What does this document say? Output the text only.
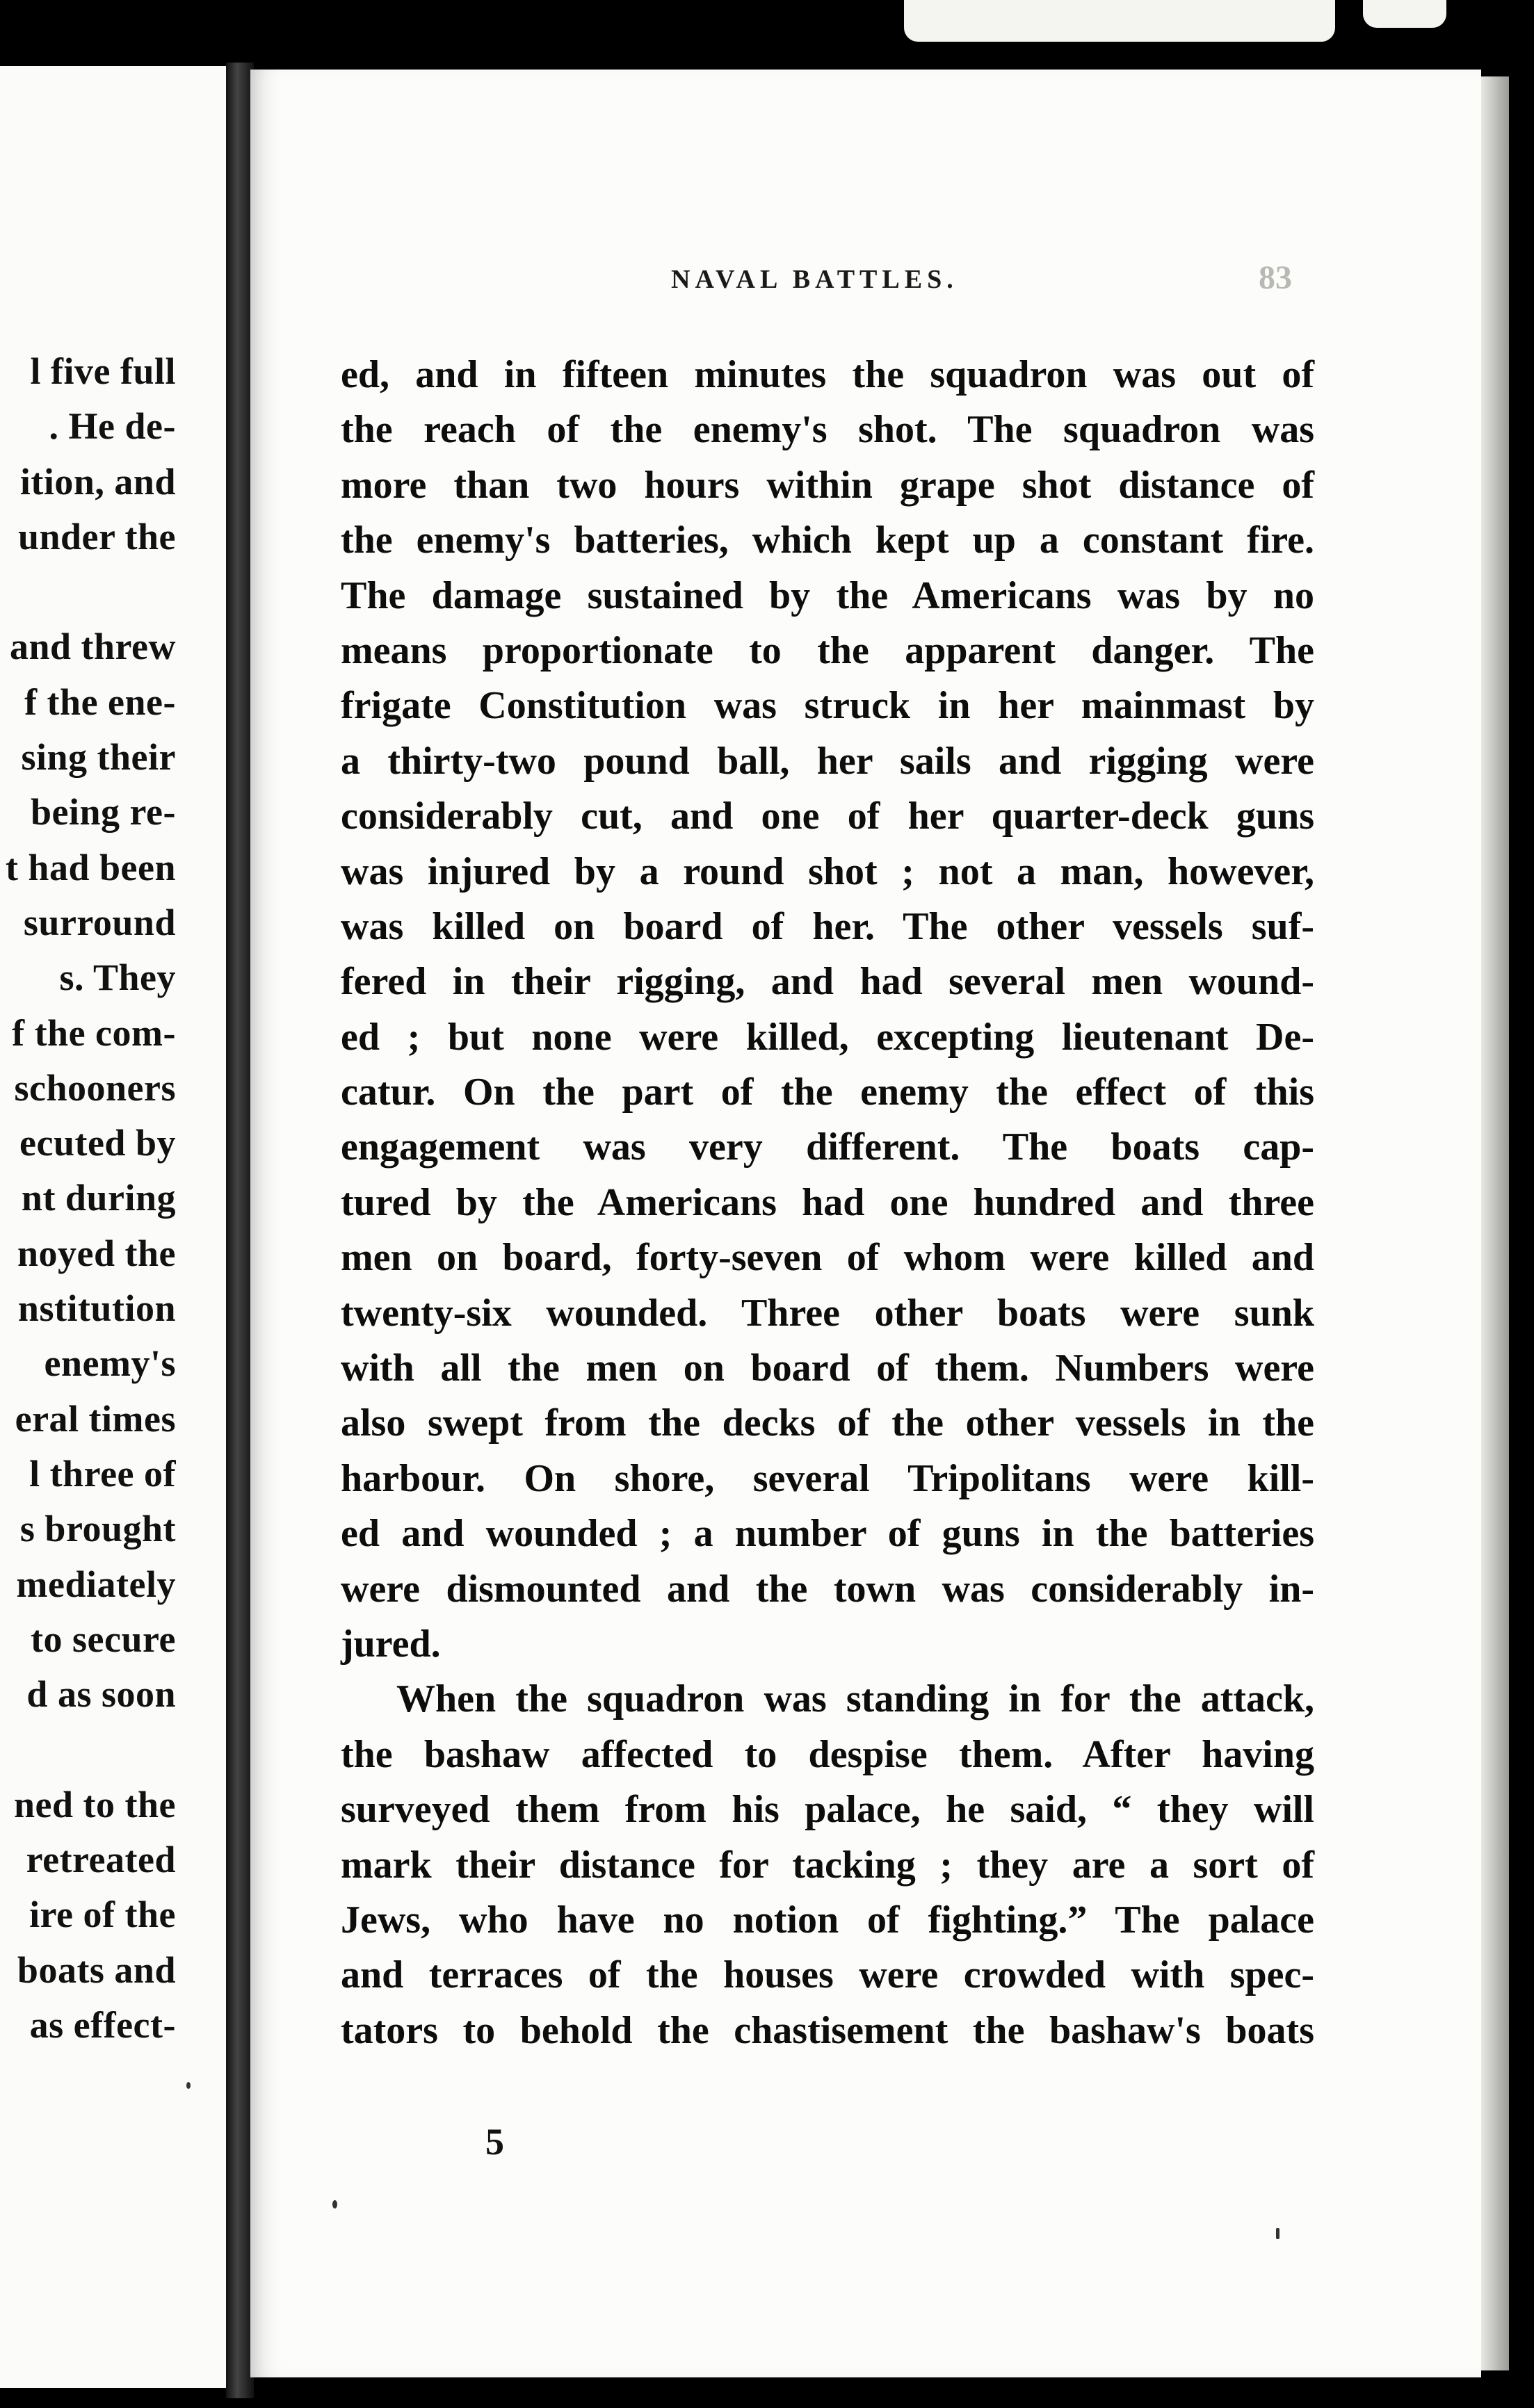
l five full
. He de-
ition, and
under the
and threw
f the ene-
sing their
being re-
t had been
surround
s. They
f the com-
schooners
ecuted by
nt during
noyed the
nstitution
enemy's
eral times
l three of
s brought
mediately
to secure
d as soon
ned to the
retreated
ire of the
boats and
as effect-
NAVAL BATTLES.	83
ed, and in fifteen minutes the squadron was out of
the reach of the enemy's shot. The squadron was
more than two hours within grape shot distance of
the enemy's batteries, which kept up a constant fire.
The damage sustained by the Americans was by no
means proportionate to the apparent danger. The
frigate Constitution was struck in her mainmast by
a thirty-two pound ball, her sails and rigging were
considerably cut, and one of her quarter-deck guns
was injured by a round shot ; not a man, however,
was killed on board of her. The other vessels suf-
fered in their rigging, and had several men wound-
ed ; but none were killed, excepting lieutenant De-
catur. On the part of the enemy the effect of this
engagement was very different. The boats cap-
tured by the Americans had one hundred and three
men on board, forty-seven of whom were killed and
twenty-six wounded. Three other boats were sunk
with all the men on board of them. Numbers were
also swept from the decks of the other vessels in the
harbour. On shore, several Tripolitans were kill-
ed and wounded ; a number of guns in the batteries
were dismounted and the town was considerably in-
jured.
When the squadron was standing in for the attack,
the bashaw affected to despise them. After having
surveyed them from his palace, he said, “ they will
mark their distance for tacking ; they are a sort of
Jews, who have no notion of fighting.” The palace
and terraces of the houses were crowded with spec-
tators to behold the chastisement the bashaw's boats
5
